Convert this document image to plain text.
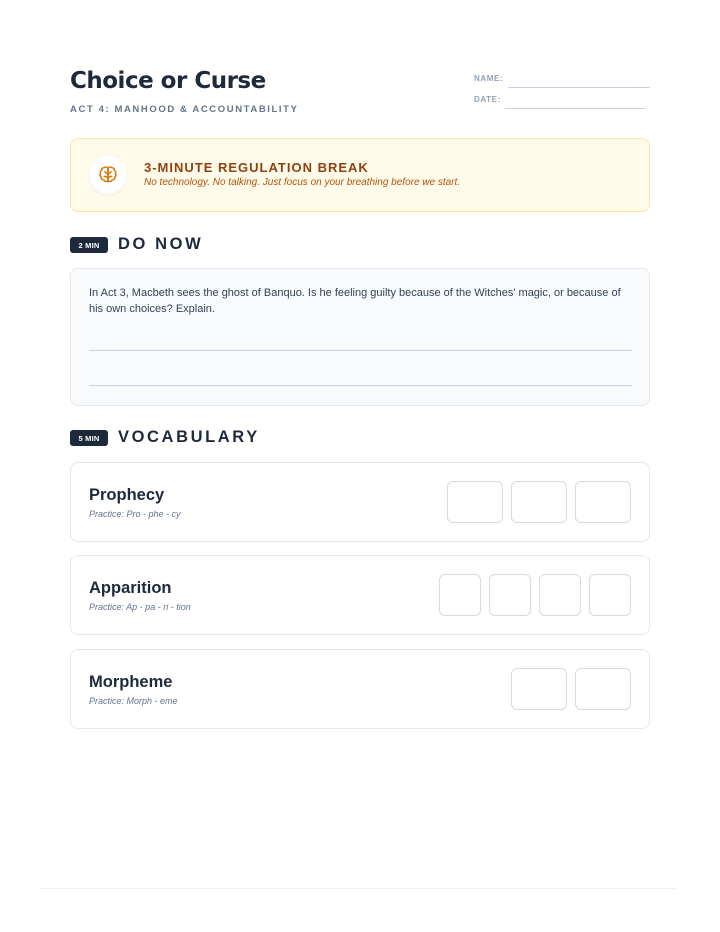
Choice or Curse
ACT 4: MANHOOD & ACCOUNTABILITY
NAME:
DATE:
3-MINUTE REGULATION BREAK
No technology. No talking. Just focus on your breathing before we start.
2 MIN	DO NOW
In Act 3, Macbeth sees the ghost of Banquo. Is he feeling guilty because of the Witches' magic, or because of his own choices? Explain.
5 MIN	VOCABULARY
Prophecy
Practice: Pro - phe - cy
Apparition
Practice: Ap - pa - ri - tion
Morpheme
Practice: Morph - eme
